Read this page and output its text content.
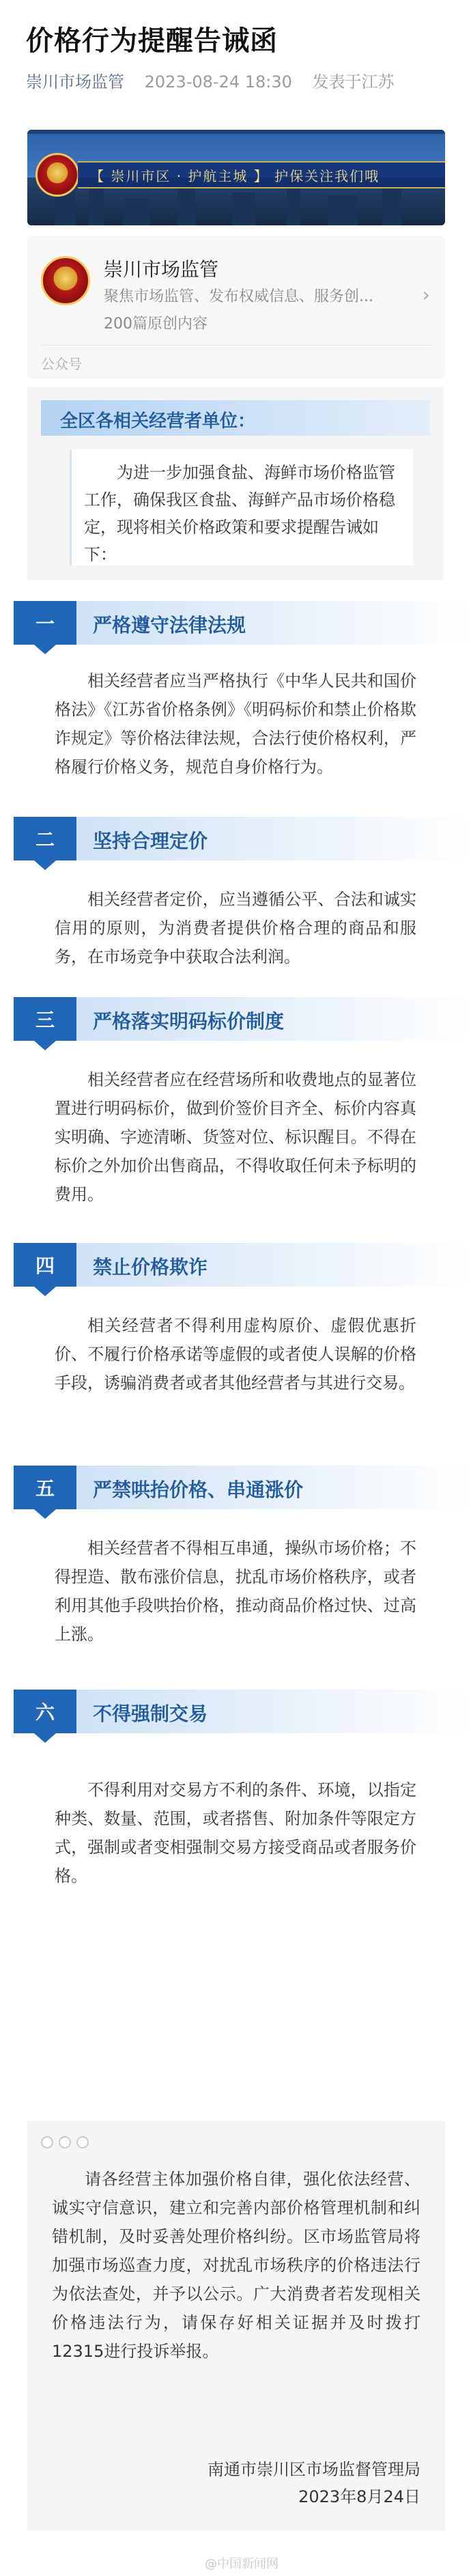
价格行为提醒告诫函
崇川市场监管 2023-08-24 18:30 发表于江苏
【 崇川市区 · 护航主城 】 护保关注我们哦
崇川市场监管
聚焦市场监管、发布权威信息、服务创...	›
200篇原创内容
公众号
全区各相关经营者单位：
为进一步加强食盐、海鲜市场价格监管工作，确保我区食盐、海鲜产品市场价格稳定，现将相关价格政策和要求提醒告诫如下：
一	严格遵守法律法规
相关经营者应当严格执行《中华人民共和国价格法》《江苏省价格条例》《明码标价和禁止价格欺诈规定》等价格法律法规，合法行使价格权利，严格履行价格义务，规范自身价格行为。
二	坚持合理定价
相关经营者定价，应当遵循公平、合法和诚实信用的原则，为消费者提供价格合理的商品和服务，在市场竞争中获取合法利润。
三	严格落实明码标价制度
相关经营者应在经营场所和收费地点的显著位置进行明码标价，做到价签价目齐全、标价内容真实明确、字迹清晰、货签对位、标识醒目。不得在标价之外加价出售商品，不得收取任何未予标明的费用。
四	禁止价格欺诈
相关经营者不得利用虚构原价、虚假优惠折价、不履行价格承诺等虚假的或者使人误解的价格手段，诱骗消费者或者其他经营者与其进行交易。
五	严禁哄抬价格、串通涨价
相关经营者不得相互串通，操纵市场价格；不得捏造、散布涨价信息，扰乱市场价格秩序，或者利用其他手段哄抬价格，推动商品价格过快、过高上涨。
六	不得强制交易
不得利用对交易方不利的条件、环境，以指定种类、数量、范围，或者搭售、附加条件等限定方式，强制或者变相强制交易方接受商品或者服务价格。
请各经营主体加强价格自律，强化依法经营、诚实守信意识，建立和完善内部价格管理机制和纠错机制，及时妥善处理价格纠纷。区市场监管局将加强市场巡查力度，对扰乱市场秩序的价格违法行为依法查处，并予以公示。广大消费者若发现相关价格违法行为，请保存好相关证据并及时拨打12315进行投诉举报。
南通市崇川区市场监督管理局
2023年8月24日
@中国新闻网
